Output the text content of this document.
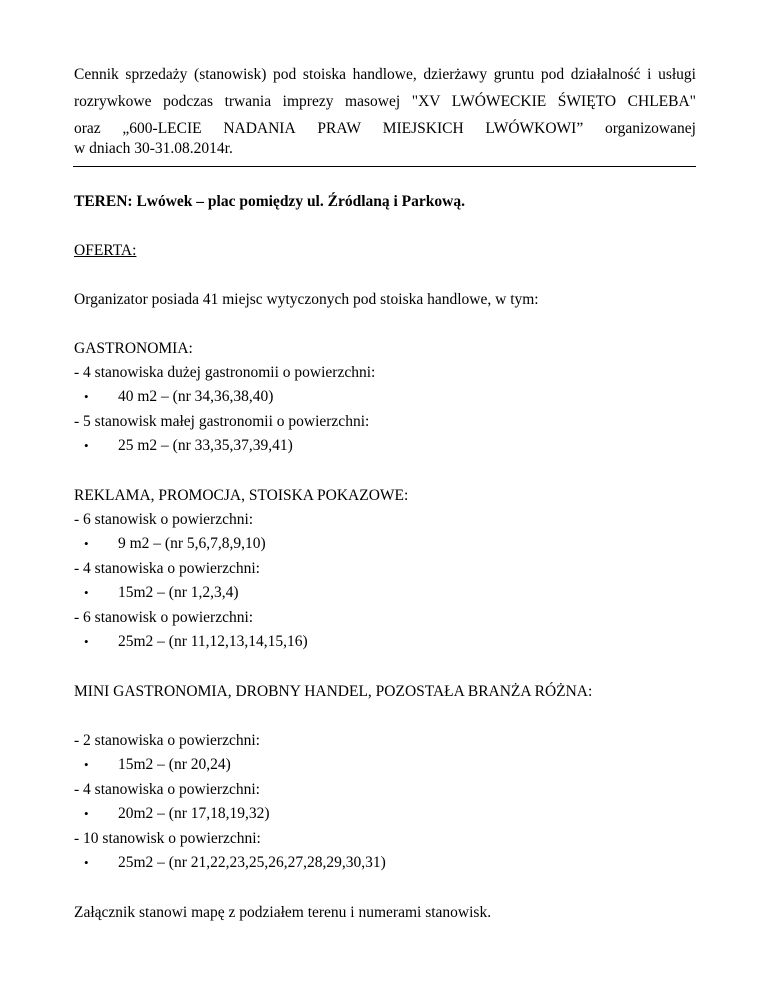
Cennik sprzedaży (stanowisk) pod stoiska handlowe, dzierżawy gruntu pod działalność i usługi
rozrywkowe podczas trwania imprezy masowej "XV LWÓWECKIE ŚWIĘTO CHLEBA"
oraz „600-LECIE NADANIA PRAW MIEJSKICH LWÓWKOWI” organizowanej
w dniach 30-31.08.2014r.
TEREN: Lwówek – plac pomiędzy ul. Źródlaną i Parkową.
OFERTA:
Organizator posiada 41 miejsc wytyczonych pod stoiska handlowe, w tym:
GASTRONOMIA:
- 4 stanowiska dużej gastronomii o powierzchni:
• 40 m2 – (nr 34,36,38,40)
- 5 stanowisk małej gastronomii o powierzchni:
• 25 m2 – (nr 33,35,37,39,41)
REKLAMA, PROMOCJA, STOISKA POKAZOWE:
- 6 stanowisk o powierzchni:
• 9 m2 – (nr 5,6,7,8,9,10)
- 4 stanowiska o powierzchni:
• 15m2 – (nr 1,2,3,4)
- 6 stanowisk o powierzchni:
• 25m2 – (nr 11,12,13,14,15,16)
MINI GASTRONOMIA, DROBNY HANDEL, POZOSTAŁA BRANŻA RÓŻNA:
- 2 stanowiska o powierzchni:
• 15m2 – (nr 20,24)
- 4 stanowiska o powierzchni:
• 20m2 – (nr 17,18,19,32)
- 10 stanowisk o powierzchni:
• 25m2 – (nr 21,22,23,25,26,27,28,29,30,31)
Załącznik stanowi mapę z podziałem terenu i numerami stanowisk.
